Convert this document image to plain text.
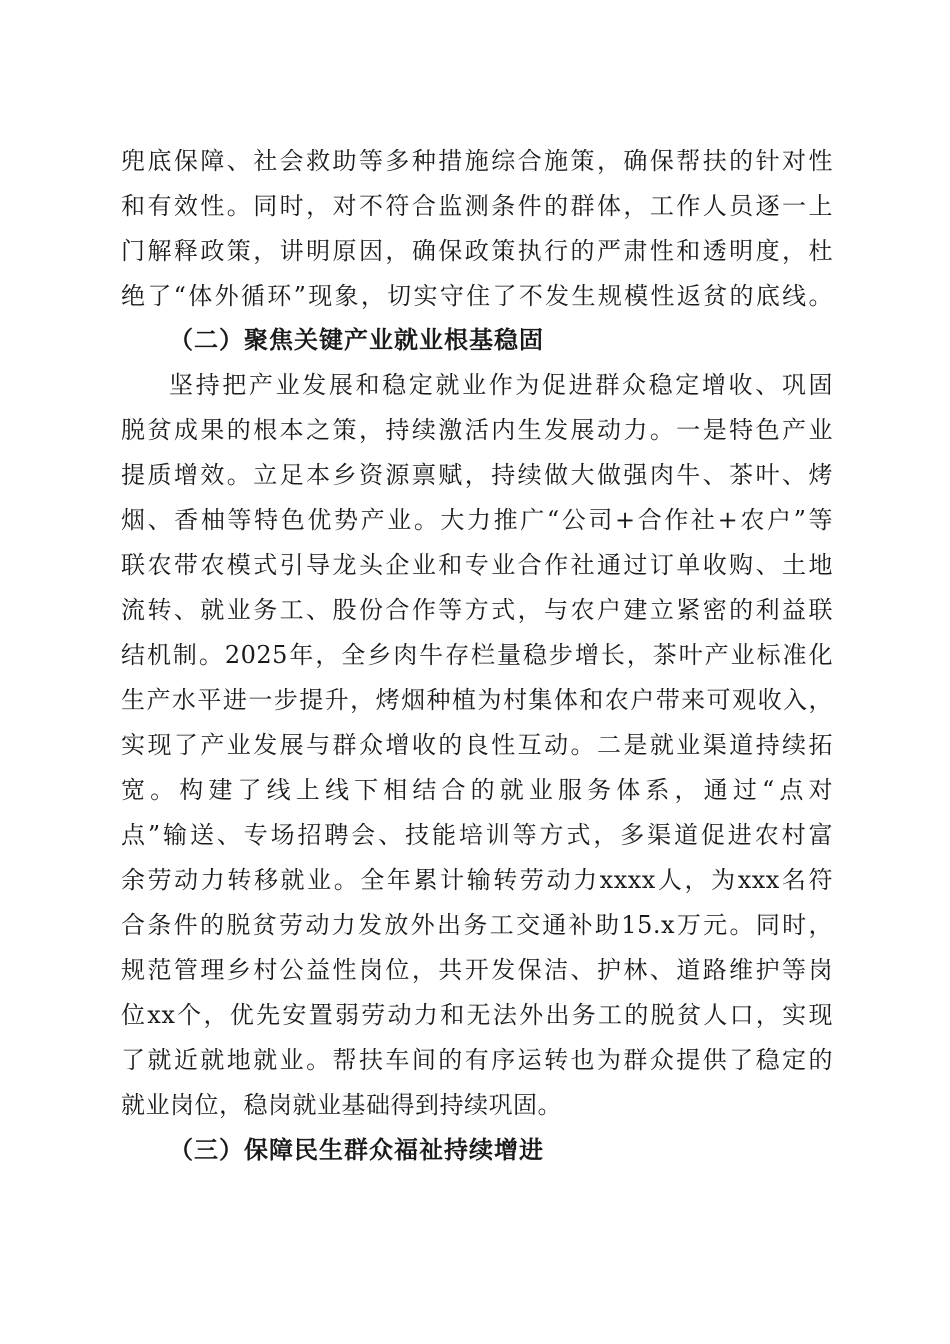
兜底保障、社会救助等多种措施综合施策，确保帮扶的针对性
和有效性。同时，对不符合监测条件的群体，工作人员逐一上
门解释政策，讲明原因，确保政策执行的严肃性和透明度，杜
绝了“体外循环”现象，切实守住了不发生规模性返贫的底线。
（二）聚焦关键产业就业根基稳固
坚持把产业发展和稳定就业作为促进群众稳定增收、巩固
脱贫成果的根本之策，持续激活内生发展动力。一是特色产业
提质增效。立足本乡资源禀赋，持续做大做强肉牛、茶叶、烤
烟、香柚等特色优势产业。大力推广“公司+合作社+农户”等
联农带农模式引导龙头企业和专业合作社通过订单收购、土地
流转、就业务工、股份合作等方式，与农户建立紧密的利益联
结机制。2025年，全乡肉牛存栏量稳步增长，茶叶产业标准化
生产水平进一步提升，烤烟种植为村集体和农户带来可观收入，
实现了产业发展与群众增收的良性互动。二是就业渠道持续拓
宽。构建了线上线下相结合的就业服务体系，通过“点对
点”输送、专场招聘会、技能培训等方式，多渠道促进农村富
余劳动力转移就业。全年累计输转劳动力xxxx人，为xxx名符
合条件的脱贫劳动力发放外出务工交通补助15.x万元。同时，
规范管理乡村公益性岗位，共开发保洁、护林、道路维护等岗
位xx个，优先安置弱劳动力和无法外出务工的脱贫人口，实现
了就近就地就业。帮扶车间的有序运转也为群众提供了稳定的
就业岗位，稳岗就业基础得到持续巩固。
（三）保障民生群众福祉持续增进
